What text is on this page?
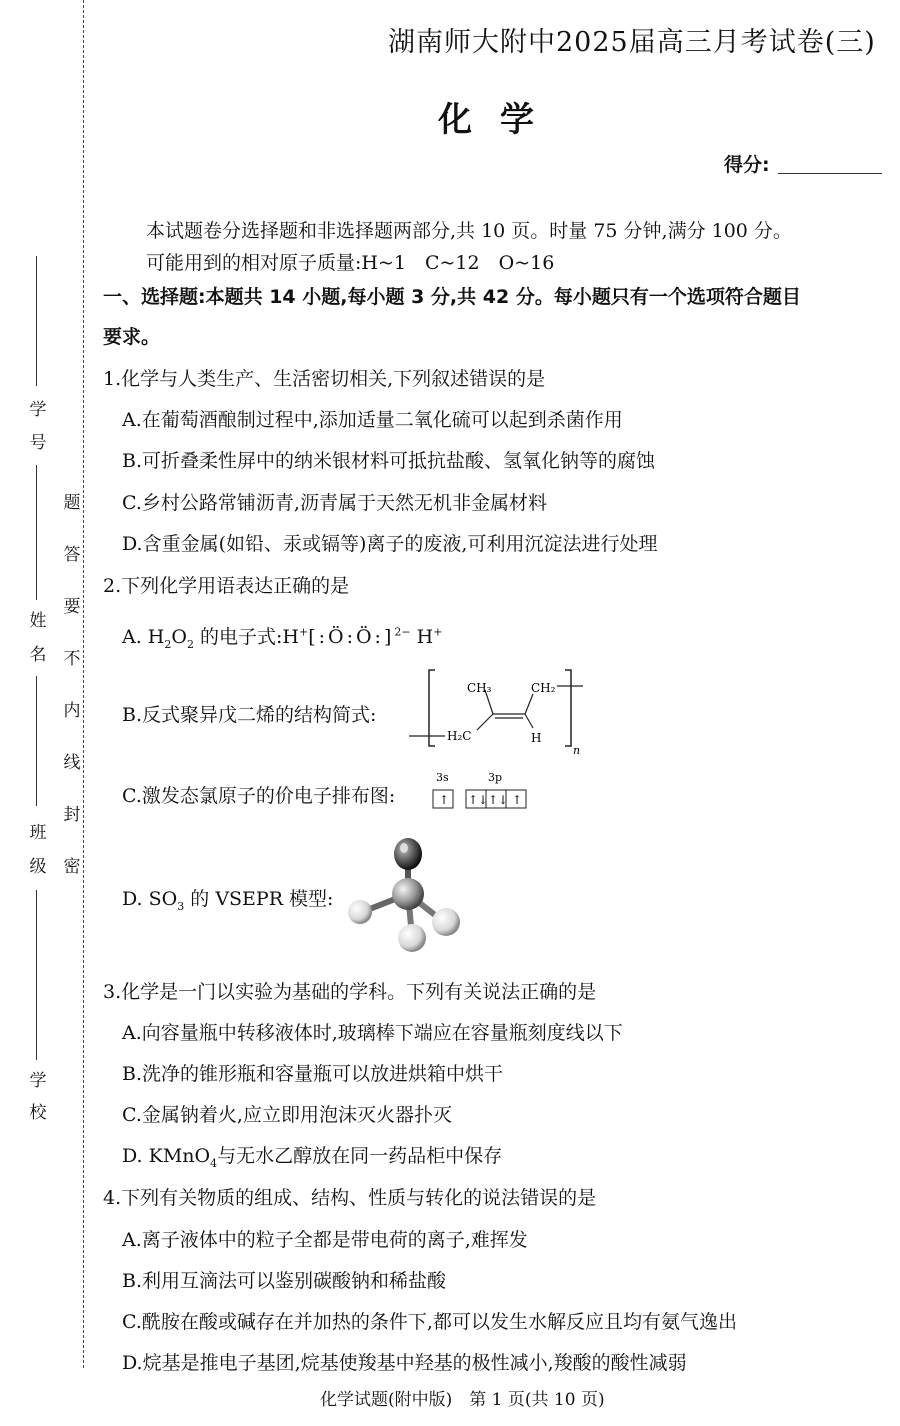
学
号
姓
名
班
级
学
校
密
封
线
内
不
要
答
题
湖南师大附中2025届高三月考试卷(三)
化学
得分:
本试题卷分选择题和非选择题两部分,共 10 页。时量 75 分钟,满分 100 分。
可能用到的相对原子质量:H~1　C~12　O~16
一、选择题:本题共 14 小题,每小题 3 分,共 42 分。每小题只有一个选项符合题目
要求。
1.化学与人类生产、生活密切相关,下列叙述错误的是
A.在葡萄酒酿制过程中,添加适量二氧化硫可以起到杀菌作用
B.可折叠柔性屏中的纳米银材料可抵抗盐酸、氢氧化钠等的腐蚀
C.乡村公路常铺沥青,沥青属于天然无机非金属材料
D.含重金属(如铅、汞或镉等)离子的废液,可利用沉淀法进行处理
2.下列化学用语表达正确的是
A. $H_2O_2$ 的电子式:H+[:Ö:Ö:]$^{2-}$ H+
B.反式聚异戊二烯的结构简式:
CH₃	CH₂
H₂C	H
n
C.激发态氯原子的价电子排布图:
3s	3p
↑ ↑↓ ↑↓ ↑
D. $SO_3$ 的 VSEPR 模型:
3.化学是一门以实验为基础的学科。下列有关说法正确的是
A.向容量瓶中转移液体时,玻璃棒下端应在容量瓶刻度线以下
B.洗净的锥形瓶和容量瓶可以放进烘箱中烘干
C.金属钠着火,应立即用泡沫灭火器扑灭
D. KMnO$_4$与无水乙醇放在同一药品柜中保存
4.下列有关物质的组成、结构、性质与转化的说法错误的是
A.离子液体中的粒子全都是带电荷的离子,难挥发
B.利用互滴法可以鉴别碳酸钠和稀盐酸
C.酰胺在酸或碱存在并加热的条件下,都可以发生水解反应且均有氨气逸出
D.烷基是推电子基团,烷基使羧基中羟基的极性减小,羧酸的酸性减弱
化学试题(附中版)　第 1 页(共 10 页)
